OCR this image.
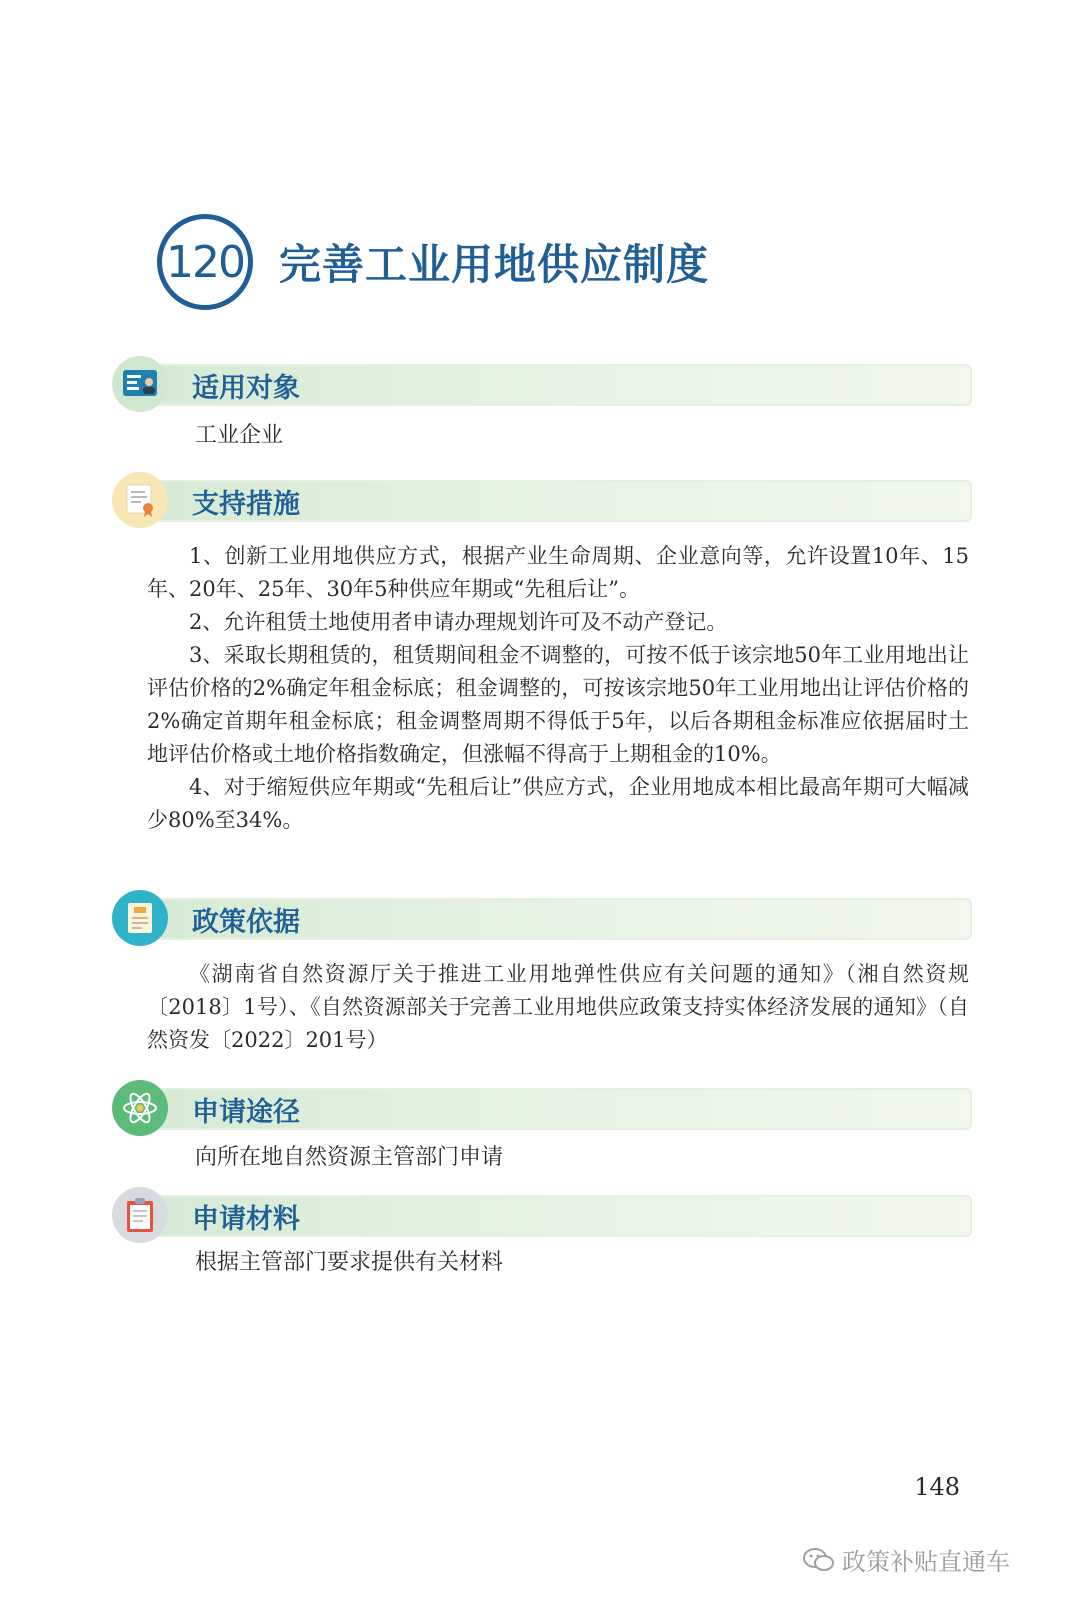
120 完善工业用地供应制度
适用对象
工业企业
支持措施

1、创新工业用地供应方式，根据产业生命周期、企业意向等，允许设置10年、15年、20年、25年、30年5种供应年期或“先租后让”。

2、允许租赁土地使用者申请办理规划许可及不动产登记。

3、采取长期租赁的，租赁期间租金不调整的，可按不低于该宗地50年工业用地出让评估价格的2%确定年租金标底；租金调整的，可按该宗地50年工业用地出让评估价格的2%确定首期年租金标底；租金调整周期不得低于5年，以后各期租金标准应依据届时土地评估价格或土地价格指数确定，但涨幅不得高于上期租金的10%。

4、对于缩短供应年期或“先租后让”供应方式，企业用地成本相比最高年期可大幅减少80%至34%。

政策依据

《湖南省自然资源厅关于推进工业用地弹性供应有关问题的通知》（湘自然资规〔2018〕1号）、《自然资源部关于完善工业用地供应政策支持实体经济发展的通知》（自然资发〔2022〕201号）

申请途径
向所在地自然资源主管部门申请
申请材料
根据主管部门要求提供有关材料
148
政策补贴直通车
